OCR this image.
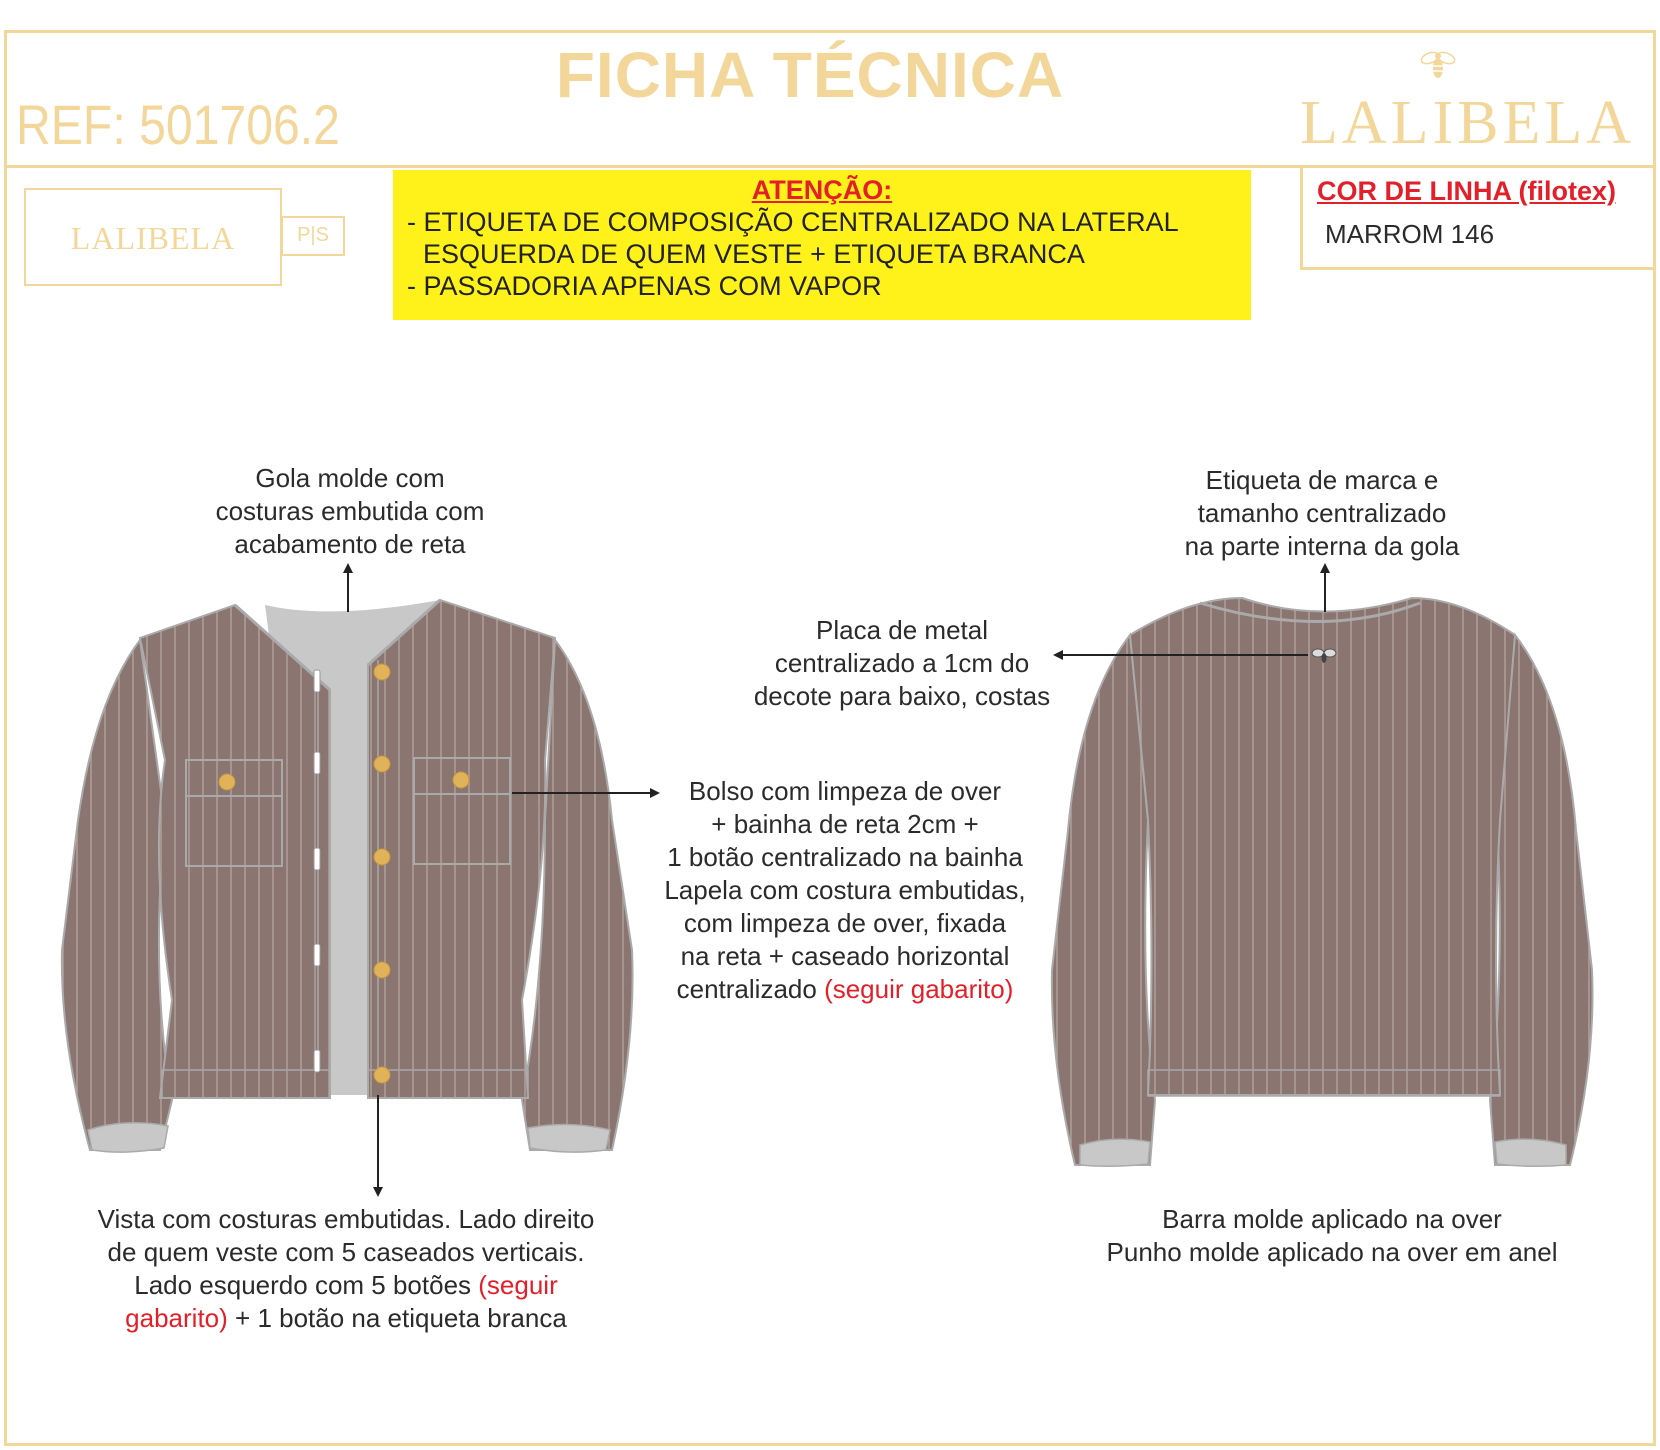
FICHA TÉCNICA
REF: 501706.2	LALIBELA
LALIBELA	P|S
ATENÇÃO:
- ETIQUETA DE COMPOSIÇÃO CENTRALIZADO NA LATERAL
ESQUERDA DE QUEM VESTE + ETIQUETA BRANCA
- PASSADORIA APENAS COM VAPOR
COR DE LINHA (filotex)
MARROM 146
Gola molde com
costuras embutida com
acabamento de reta
Etiqueta de marca e
tamanho centralizado
na parte interna da gola
Placa de metal
centralizado a 1cm do
decote para baixo, costas
Bolso com limpeza de over
+ bainha de reta 2cm +
1 botão centralizado na bainha
Lapela com costura embutidas,
com limpeza de over, fixada
na reta + caseado horizontal
centralizado (seguir gabarito)
Vista com costuras embutidas. Lado direito
de quem veste com 5 caseados verticais.
Lado esquerdo com 5 botões (seguir
gabarito) + 1 botão na etiqueta branca
Barra molde aplicado na over
Punho molde aplicado na over em anel
